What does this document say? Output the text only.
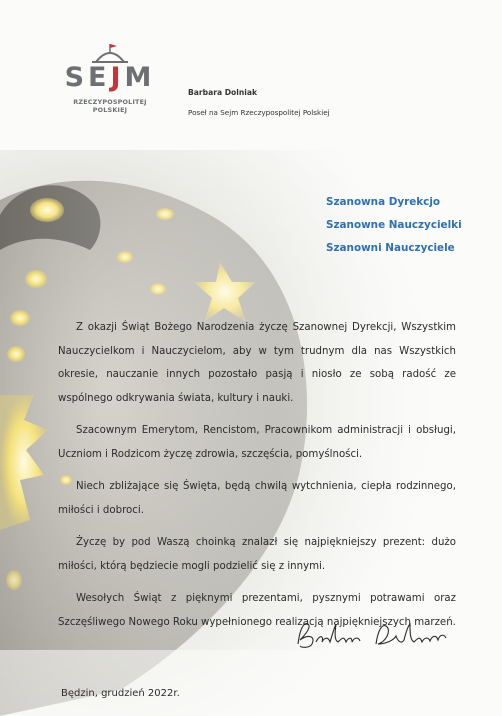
SEJM
RZECZYPOSPOLITEJ POLSKIEJ
Barbara Dolniak
Poseł na Sejm Rzeczypospolitej Polskiej
Szanowna Dyrekcjo
Szanowne Nauczycielki
Szanowni Nauczyciele

Z okazji Świąt Bożego Narodzenia życzę Szanownej Dyrekcji, Wszystkim Nauczycielkom i Nauczycielom, aby w tym trudnym dla nas Wszystkich okresie, nauczanie innych pozostało pasją i niosło ze sobą radość ze wspólnego odkrywania świata, kultury i nauki.

Szacownym Emerytom, Rencistom, Pracownikom administracji i obsługi, Uczniom i Rodzicom życzę zdrowia, szczęścia, pomyślności.

Niech zbliżające się Święta, będą chwilą wytchnienia, ciepła rodzinnego, miłości i dobroci.

Życzę by pod Waszą choinką znalazł się najpiękniejszy prezent: dużo miłości, którą będziecie mogli podzielić się z innymi.

Wesołych Świąt z pięknymi prezentami, pysznymi potrawami oraz Szczęśliwego Nowego Roku wypełnionego realizacją najpiękniejszych marzeń.

Będzin, grudzień 2022r.
